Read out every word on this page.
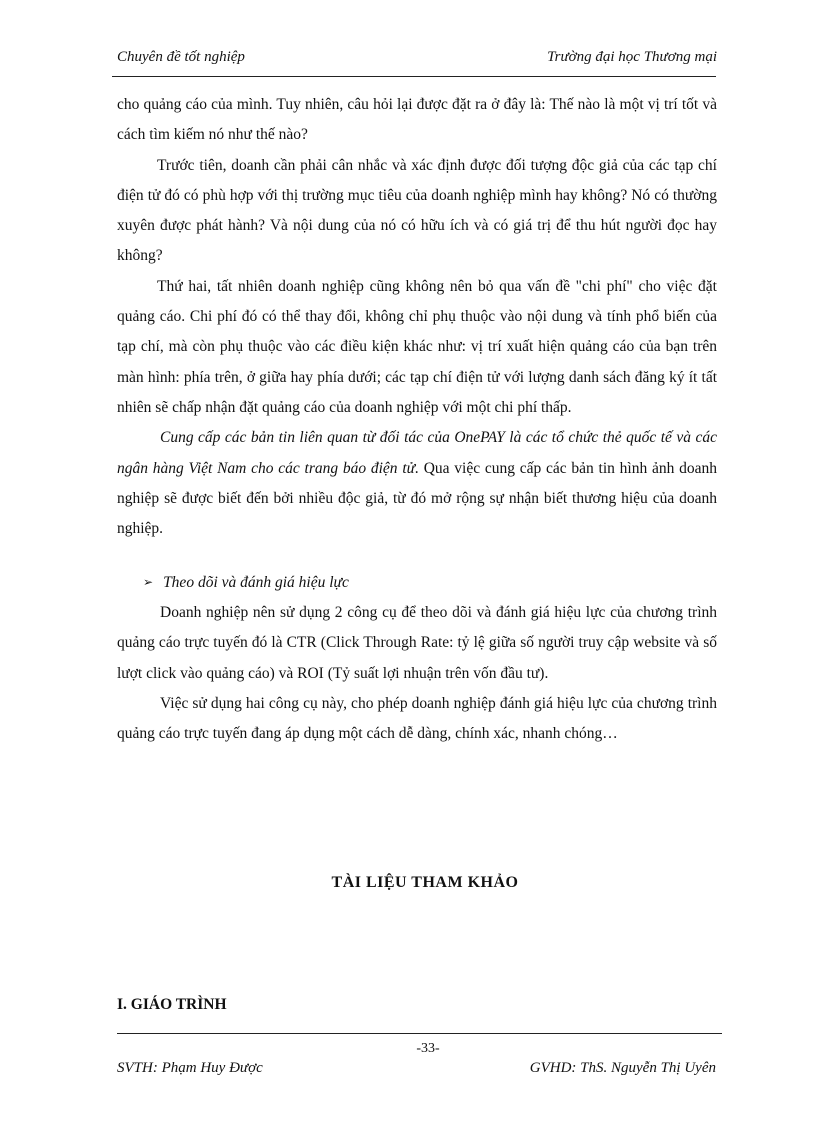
Chuyên đề tốt nghiệp	Trường đại học Thương mại

cho quảng cáo của mình. Tuy nhiên, câu hỏi lại được đặt ra ở đây là: Thế nào là một vị trí tốt và cách tìm kiếm nó như thế nào?

Trước tiên, doanh cần phải cân nhắc và xác định được đối tượng độc giả của các tạp chí điện tử đó có phù hợp với thị trường mục tiêu của doanh nghiệp mình hay không? Nó có thường xuyên được phát hành? Và nội dung của nó có hữu ích và có giá trị để thu hút người đọc hay không?

Thứ hai, tất nhiên doanh nghiệp cũng không nên bỏ qua vấn đề "chi phí" cho việc đặt quảng cáo. Chi phí đó có thể thay đổi, không chỉ phụ thuộc vào nội dung và tính phổ biến của tạp chí, mà còn phụ thuộc vào các điều kiện khác như: vị trí xuất hiện quảng cáo của bạn trên màn hình: phía trên, ở giữa hay phía dưới; các tạp chí điện tử với lượng danh sách đăng ký ít tất nhiên sẽ chấp nhận đặt quảng cáo của doanh nghiệp với một chi phí thấp.

Cung cấp các bản tin liên quan từ đối tác của OnePAY là các tổ chức thẻ quốc tế và các ngân hàng Việt Nam cho các trang báo điện tử. Qua việc cung cấp các bản tin hình ảnh doanh nghiệp sẽ được biết đến bởi nhiều độc giả, từ đó mở rộng sự nhận biết thương hiệu của doanh nghiệp.

➢ Theo dõi và đánh giá hiệu lực

Doanh nghiệp nên sử dụng 2 công cụ để theo dõi và đánh giá hiệu lực của chương trình quảng cáo trực tuyến đó là CTR (Click Through Rate: tỷ lệ giữa số người truy cập website và số lượt click vào quảng cáo) và ROI (Tỷ suất lợi nhuận trên vốn đầu tư).

Việc sử dụng hai công cụ này, cho phép doanh nghiệp đánh giá hiệu lực của chương trình quảng cáo trực tuyến đang áp dụng một cách dễ dàng, chính xác, nhanh chóng…

TÀI LIỆU THAM KHẢO
I. GIÁO TRÌNH
-33-
SVTH: Phạm Huy Được	GVHD: ThS. Nguyễn Thị Uyên
